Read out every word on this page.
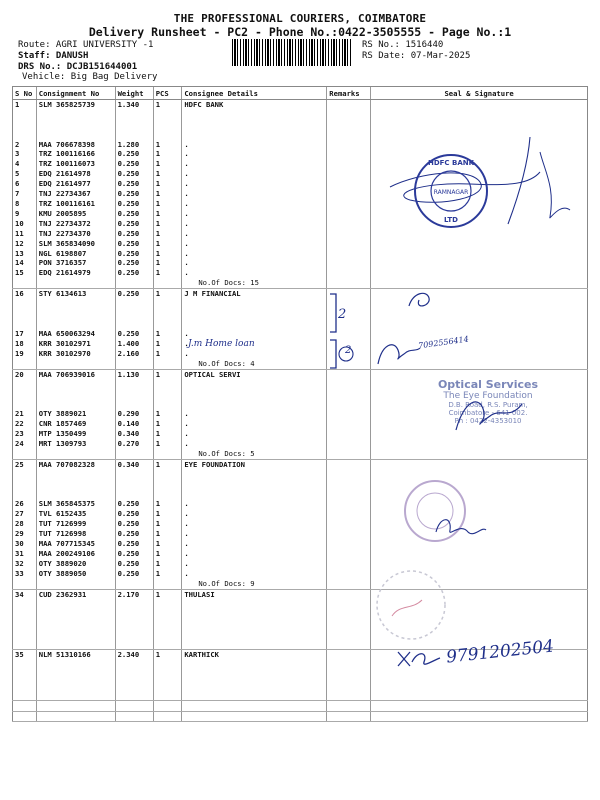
THE PROFESSIONAL COURIERS, COIMBATORE
Delivery Runsheet - PC2 - Phone No.:0422-3505555 - Page No.:1
Route: AGRI UNIVERSITY -1
Staff: DANUSH
DRS No.: DCJB151644001
Vehicle: Big Bag Delivery
RS No.: 1516440
RS Date: 07-Mar-2025
S No	Consignment No	Weight	PCS	Consignee Details	Remarks	Seal & Signature
1	SLM 365825739	1.340	1	HDFC BANK		

2	MAA 706678398	1.280	1	.		
3	TRZ 100116166	0.250	1	.		
4	TRZ 100116073	0.250	1	.		
5	EDQ 21614978	0.250	1	.		
6	EDQ 21614977	0.250	1	.		
7	TNJ 22734367	0.250	1	.		
8	TRZ 100116161	0.250	1	.		
9	KMU 2005895	0.250	1	.		
10	TNJ 22734372	0.250	1	.		
11	TNJ 22734370	0.250	1	.		
12	SLM 365834090	0.250	1	.		
13	NGL 6198807	0.250	1	.		
14	PON 3716357	0.250	1	.		
15	EDQ 21614979	0.250	1	.		
				No.Of Docs: 15		
16	STY 6134613	0.250	1	J M FINANCIAL		

17	MAA 650063294	0.250	1	.		
18	KRR 30102971	1.400	1	.		
19	KRR 30102970	2.160	1	.		
				No.Of Docs: 4		
20	MAA 706939016	1.130	1	OPTICAL SERVI		

21	OTY 3889021	0.290	1	.		
22	CNR 1857469	0.140	1	.		
23	MTP 1350499	0.340	1	.		
24	MRT 1309793	0.270	1	.		
				No.Of Docs: 5		
25	MAA 707082328	0.340	1	EYE FOUNDATION		

26	SLM 365845375	0.250	1	.		
27	TVL 6152435	0.250	1	.		
28	TUT 7126999	0.250	1	.		
29	TUT 7126998	0.250	1	.		
30	MAA 707715345	0.250	1	.		
31	MAA 200249106	0.250	1	.		
32	OTY 3889020	0.250	1	.		
33	OTY 3889050	0.250	1	.		
				No.Of Docs: 9		
34	CUD 2362931	2.170	1	THULASI		

35	NLM 51310166	2.340	1	KARTHICK		

HDFC BANK
RAMNAGAR
LTD
2
2
J.m Home loan	7092556414
Optical Services
The Eye Foundation
D.B. Road, R.S. Puram,
Coimbatore - 641 002.
Ph : 0422-4353010
9791202504
